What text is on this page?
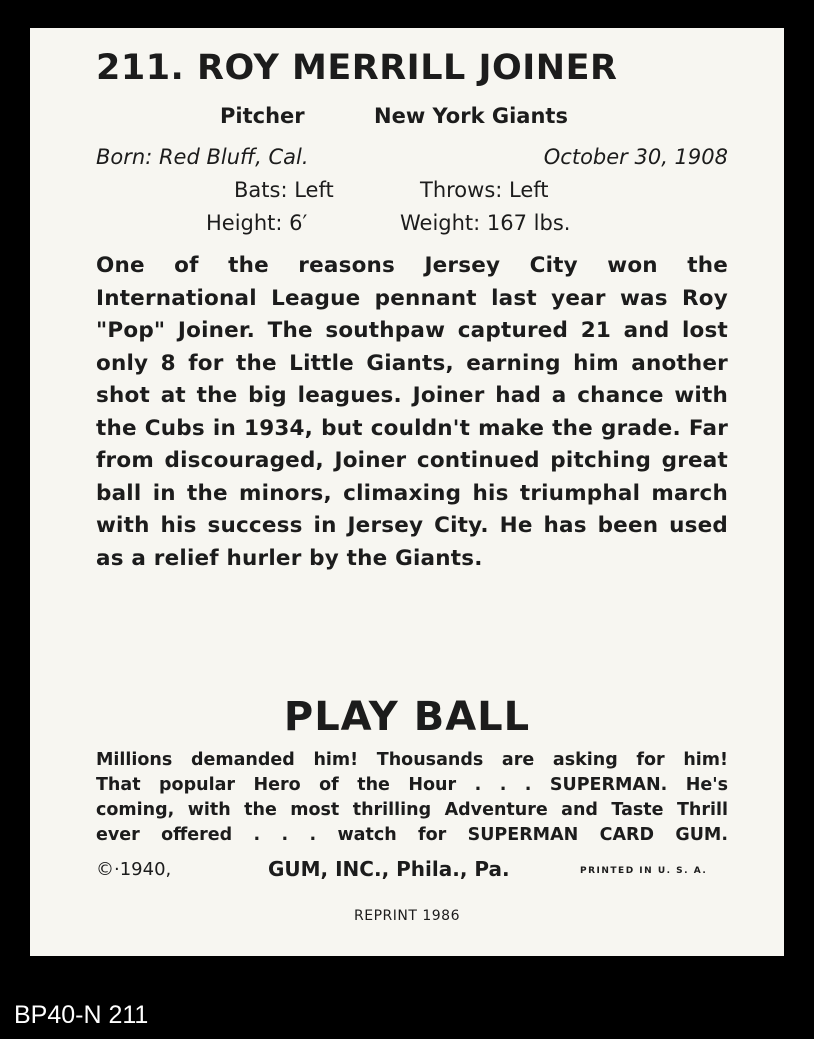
211. ROY MERRILL JOINER
Pitcher	New York Giants
Born: Red Bluff, Cal.	October 30, 1908
Bats: Left	Throws: Left
Height: 6′	Weight: 167 lbs.
One of the reasons Jersey City won the International League pennant last year was Roy "Pop" Joiner. The southpaw captured 21 and lost only 8 for the Little Giants, earning him another shot at the big leagues. Joiner had a chance with the Cubs in 1934, but couldn't make the grade. Far from discouraged, Joiner continued pitching great ball in the minors, climaxing his triumphal march with his success in Jersey City. He has been used as a relief hurler by the Giants.
PLAY BALL
Millions demanded him! Thousands are asking for him!
That popular Hero of the Hour . . . SUPERMAN. He's
coming, with the most thrilling Adventure and Taste Thrill
ever offered . . . watch for SUPERMAN CARD GUM.
©·1940,	GUM, INC., Phila., Pa.	PRINTED IN U. S. A.
REPRINT 1986
BP40-N 211
